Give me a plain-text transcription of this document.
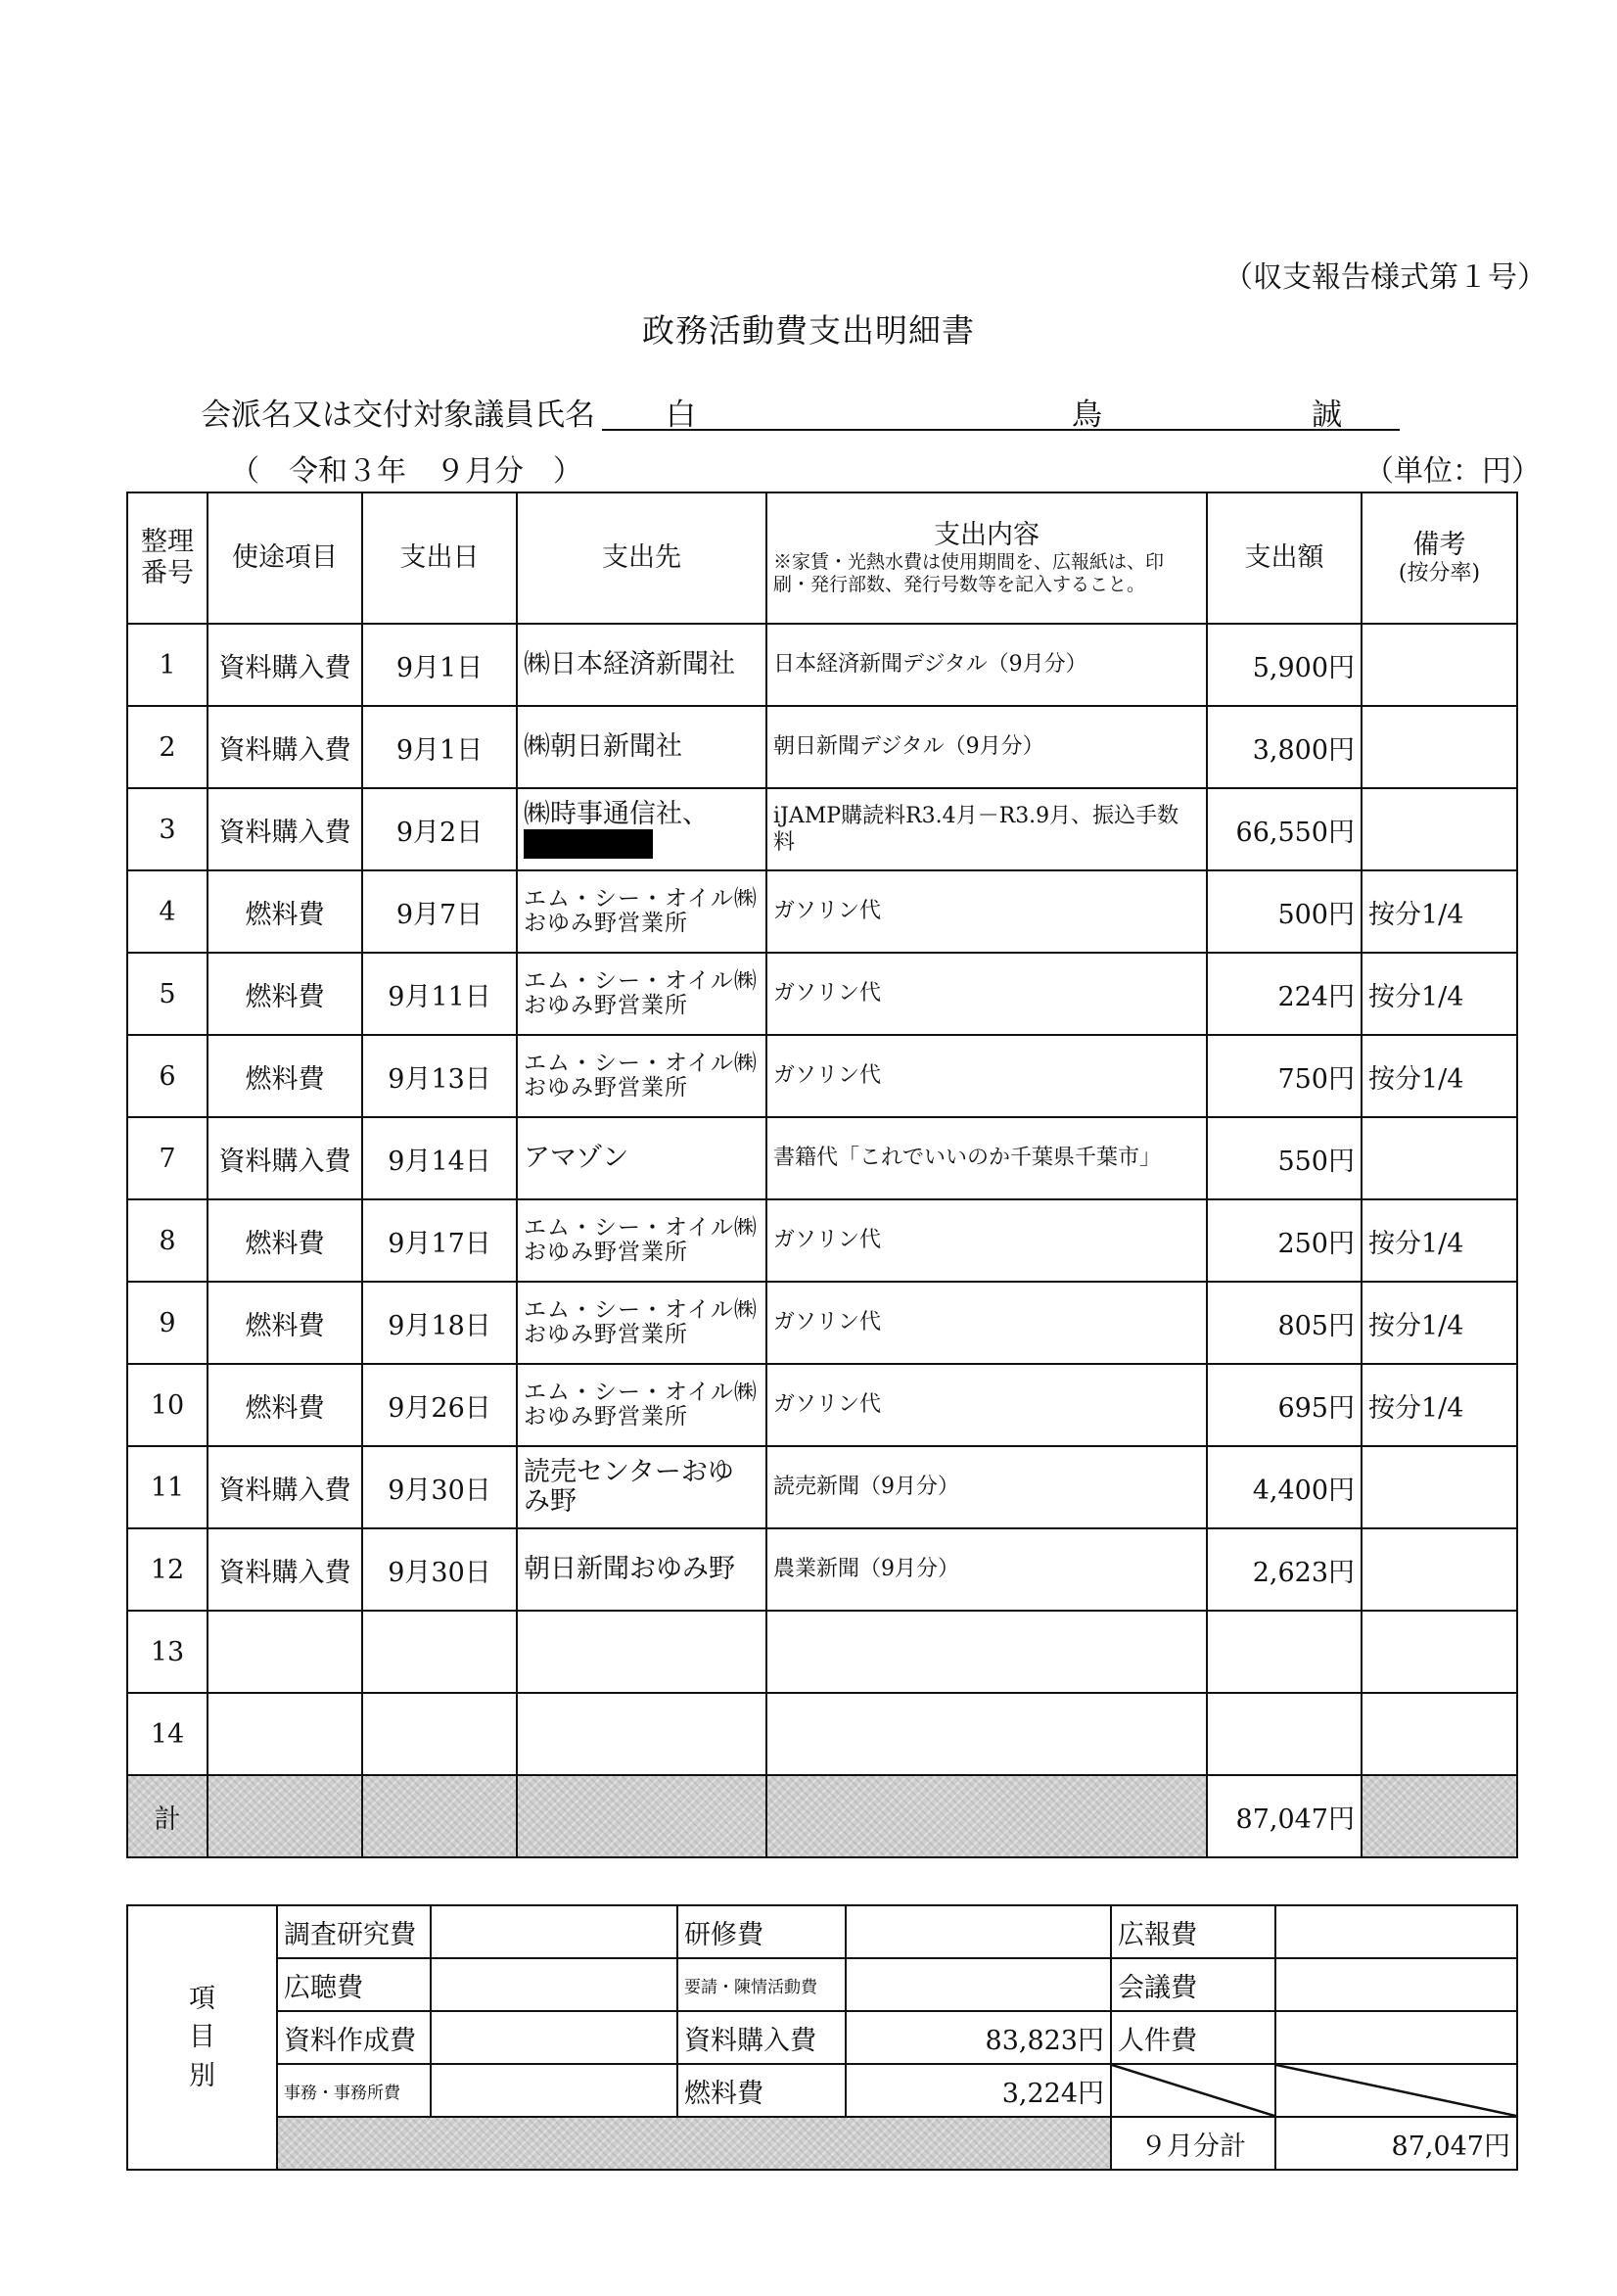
（収支報告様式第１号）
政務活動費支出明細書
会派名又は交付対象議員氏名 白	鳥	誠
（　令和３年　９月分　）	（単位：円）
整理番号	使途項目	支出日	支出先	支出内容
※家賃・光熱水費は使用期間を、広報紙は、印刷・発行部数、発行号数等を記入すること。	支出額	備考
(按分率)

1	資料購入費	9月1日	㈱日本経済新聞社	日本経済新聞デジタル（9月分）	5,900円	
2	資料購入費	9月1日	㈱朝日新聞社	朝日新聞デジタル（9月分）	3,800円	
3	資料購入費	9月2日	㈱時事通信社、	iJAMP購読料R3.4月－R3.9月、振込手数料	66,550円	
4	燃料費	9月7日	エム・シー・オイル㈱おゆみ野営業所	ガソリン代	500円	按分1/4
5	燃料費	9月11日	エム・シー・オイル㈱おゆみ野営業所	ガソリン代	224円	按分1/4
6	燃料費	9月13日	エム・シー・オイル㈱おゆみ野営業所	ガソリン代	750円	按分1/4
7	資料購入費	9月14日	アマゾン	書籍代「これでいいのか千葉県千葉市」	550円	
8	燃料費	9月17日	エム・シー・オイル㈱おゆみ野営業所	ガソリン代	250円	按分1/4
9	燃料費	9月18日	エム・シー・オイル㈱おゆみ野営業所	ガソリン代	805円	按分1/4
10	燃料費	9月26日	エム・シー・オイル㈱おゆみ野営業所	ガソリン代	695円	按分1/4
11	資料購入費	9月30日	読売センターおゆみ野	読売新聞（9月分）	4,400円	
12	資料購入費	9月30日	朝日新聞おゆみ野	農業新聞（9月分）	2,623円	
13						
14						
計					87,047円	
項
目
別	調査研究費		研修費		広報費	
	広聴費		要請・陳情活動費		会議費	
	資料作成費		資料購入費	83,823円	人件費	
	事務・事務所費		燃料費	3,224円		
					９月分計	87,047円
